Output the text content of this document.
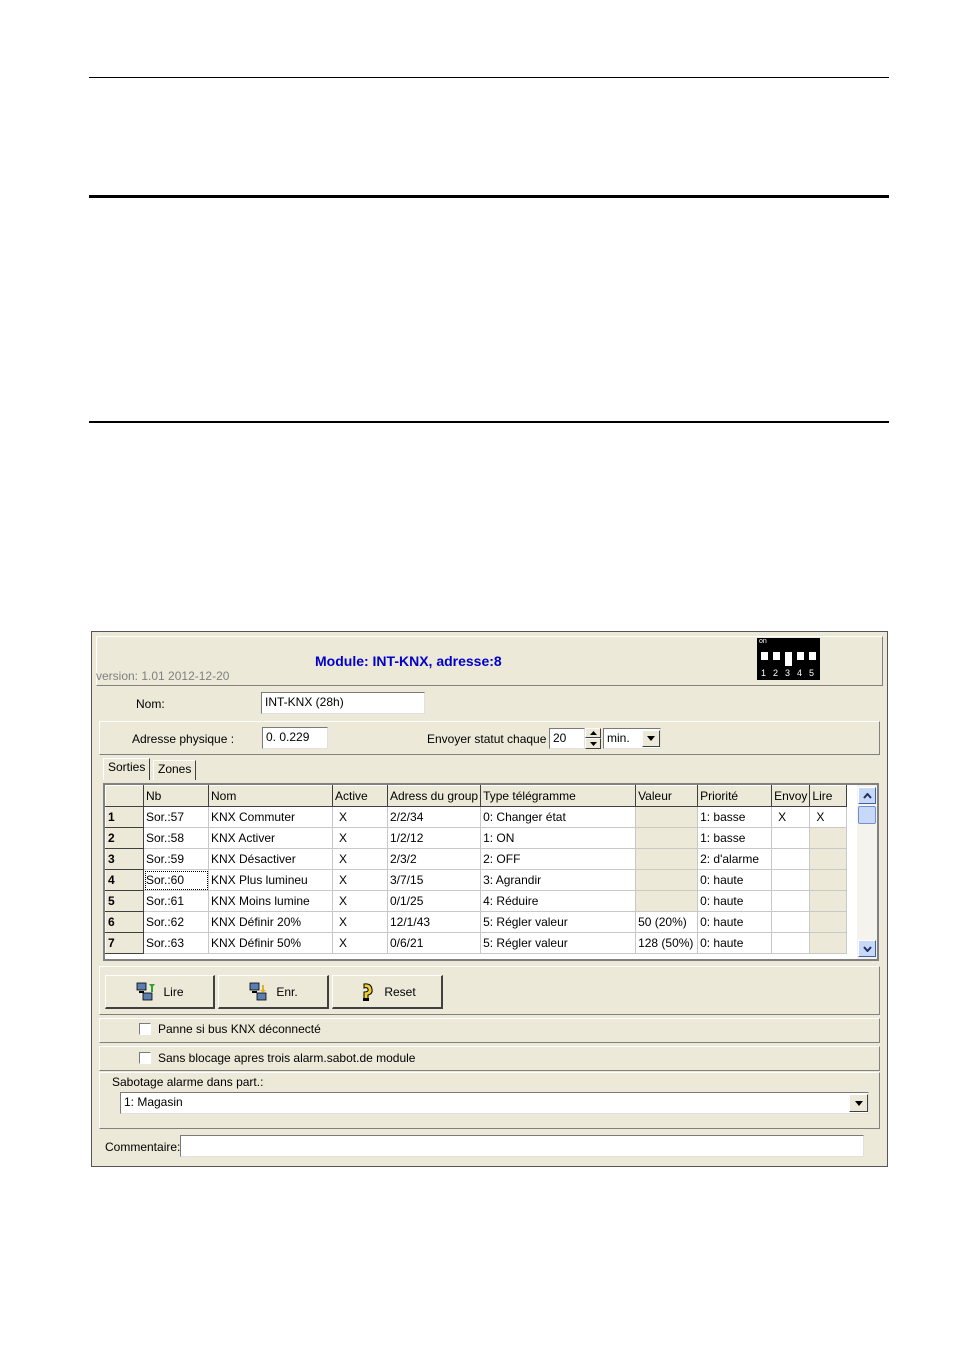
version: 1.01 2012-12-20
Module: INT-KNX, adresse:8
on
1 2 3 4 5
Nom:	INT-KNX (28h)
Adresse physique :	0. 0.229	Envoyer statut chaque 20	min.
Sorties	Zones
	Nb	Nom	Active	Adress du group	Type télégramme	Valeur	Priorité	Envoy	Lire
1	Sor.:57	KNX Commuter	X	2/2/34	0: Changer état		1: basse	X	X
2	Sor.:58	KNX Activer	X	1/2/12	1: ON		1: basse		
3	Sor.:59	KNX Désactiver	X	2/3/2	2: OFF		2: d'alarme		
4	Sor.:60	KNX Plus lumineu	X	3/7/15	3: Agrandir		0: haute		
5	Sor.:61	KNX Moins lumine	X	0/1/25	4: Réduire		0: haute		
6	Sor.:62	KNX Définir 20%	X	12/1/43	5: Régler valeur	50 (20%)	0: haute		
7	Sor.:63	KNX Définir 50%	X	0/6/21	5: Régler valeur	128 (50%)	0: haute		
Lire	Enr.	Reset
Panne si bus KNX déconnecté
Sans blocage apres trois alarm.sabot.de module
Sabotage alarme dans part.:
1: Magasin
Commentaire:
